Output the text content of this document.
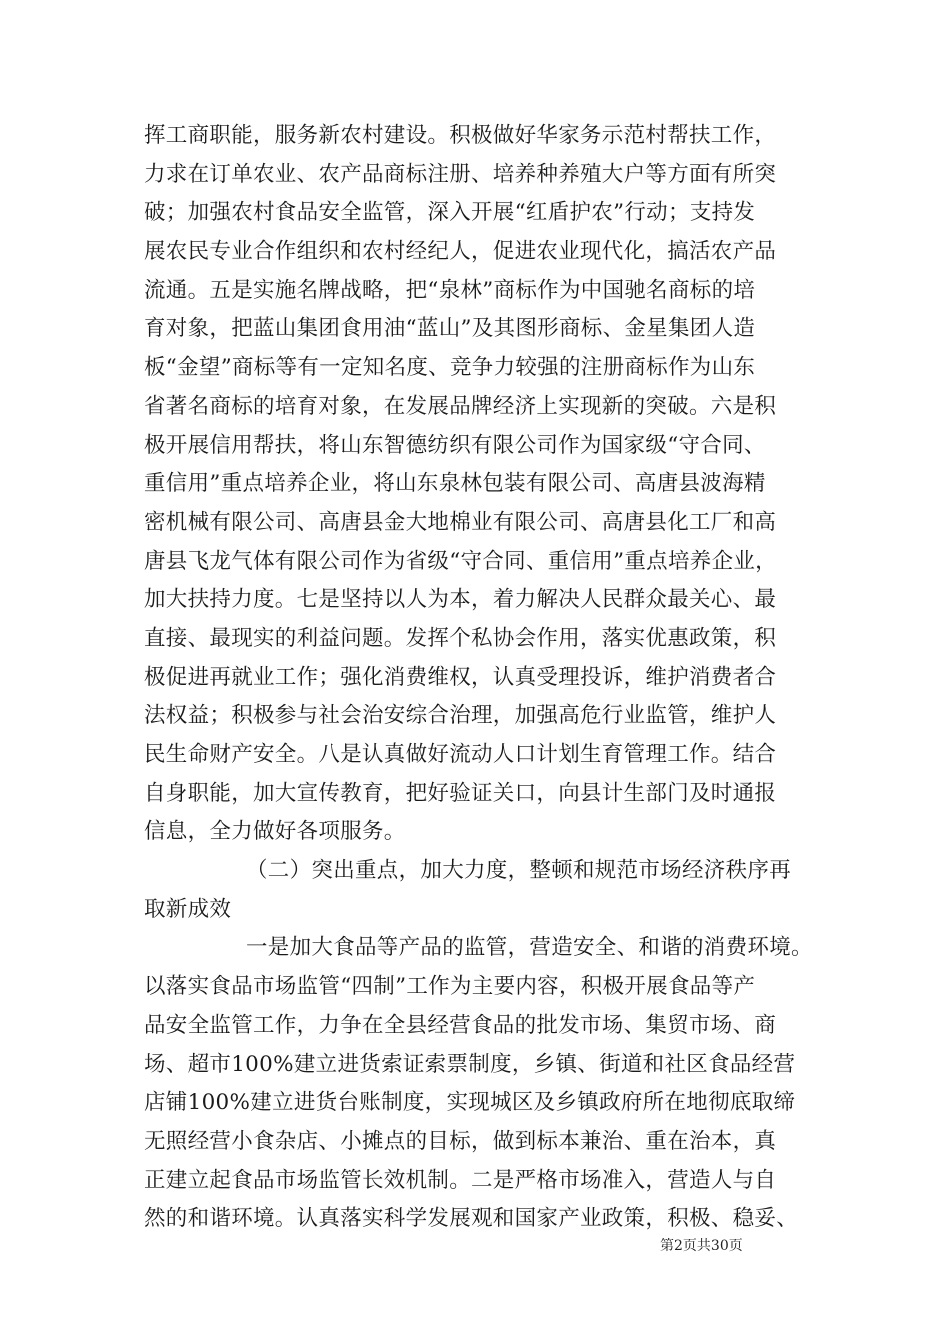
挥工商职能，服务新农村建设。积极做好华家务示范村帮扶工作，
力求在订单农业、农产品商标注册、培养种养殖大户等方面有所突
破；加强农村食品安全监管，深入开展“红盾护农”行动；支持发
展农民专业合作组织和农村经纪人，促进农业现代化，搞活农产品
流通。五是实施名牌战略，把“泉林”商标作为中国驰名商标的培
育对象，把蓝山集团食用油“蓝山”及其图形商标、金星集团人造
板“金望”商标等有一定知名度、竞争力较强的注册商标作为山东
省著名商标的培育对象，在发展品牌经济上实现新的突破。六是积
极开展信用帮扶，将山东智德纺织有限公司作为国家级“守合同、
重信用”重点培养企业，将山东泉林包装有限公司、高唐县波海精
密机械有限公司、高唐县金大地棉业有限公司、高唐县化工厂和高
唐县飞龙气体有限公司作为省级“守合同、重信用”重点培养企业，
加大扶持力度。七是坚持以人为本，着力解决人民群众最关心、最
直接、最现实的利益问题。发挥个私协会作用，落实优惠政策，积
极促进再就业工作；强化消费维权，认真受理投诉，维护消费者合
法权益；积极参与社会治安综合治理，加强高危行业监管，维护人
民生命财产安全。八是认真做好流动人口计划生育管理工作。结合
自身职能，加大宣传教育，把好验证关口，向县计生部门及时通报
信息，全力做好各项服务。
（二）突出重点，加大力度，整顿和规范市场经济秩序再
取新成效
一是加大食品等产品的监管，营造安全、和谐的消费环境。
以落实食品市场监管“四制”工作为主要内容，积极开展食品等产
品安全监管工作，力争在全县经营食品的批发市场、集贸市场、商
场、超市100%建立进货索证索票制度，乡镇、街道和社区食品经营
店铺100%建立进货台账制度，实现城区及乡镇政府所在地彻底取缔
无照经营小食杂店、小摊点的目标，做到标本兼治、重在治本，真
正建立起食品市场监管长效机制。二是严格市场准入，营造人与自
然的和谐环境。认真落实科学发展观和国家产业政策，积极、稳妥、
第2页共30页
